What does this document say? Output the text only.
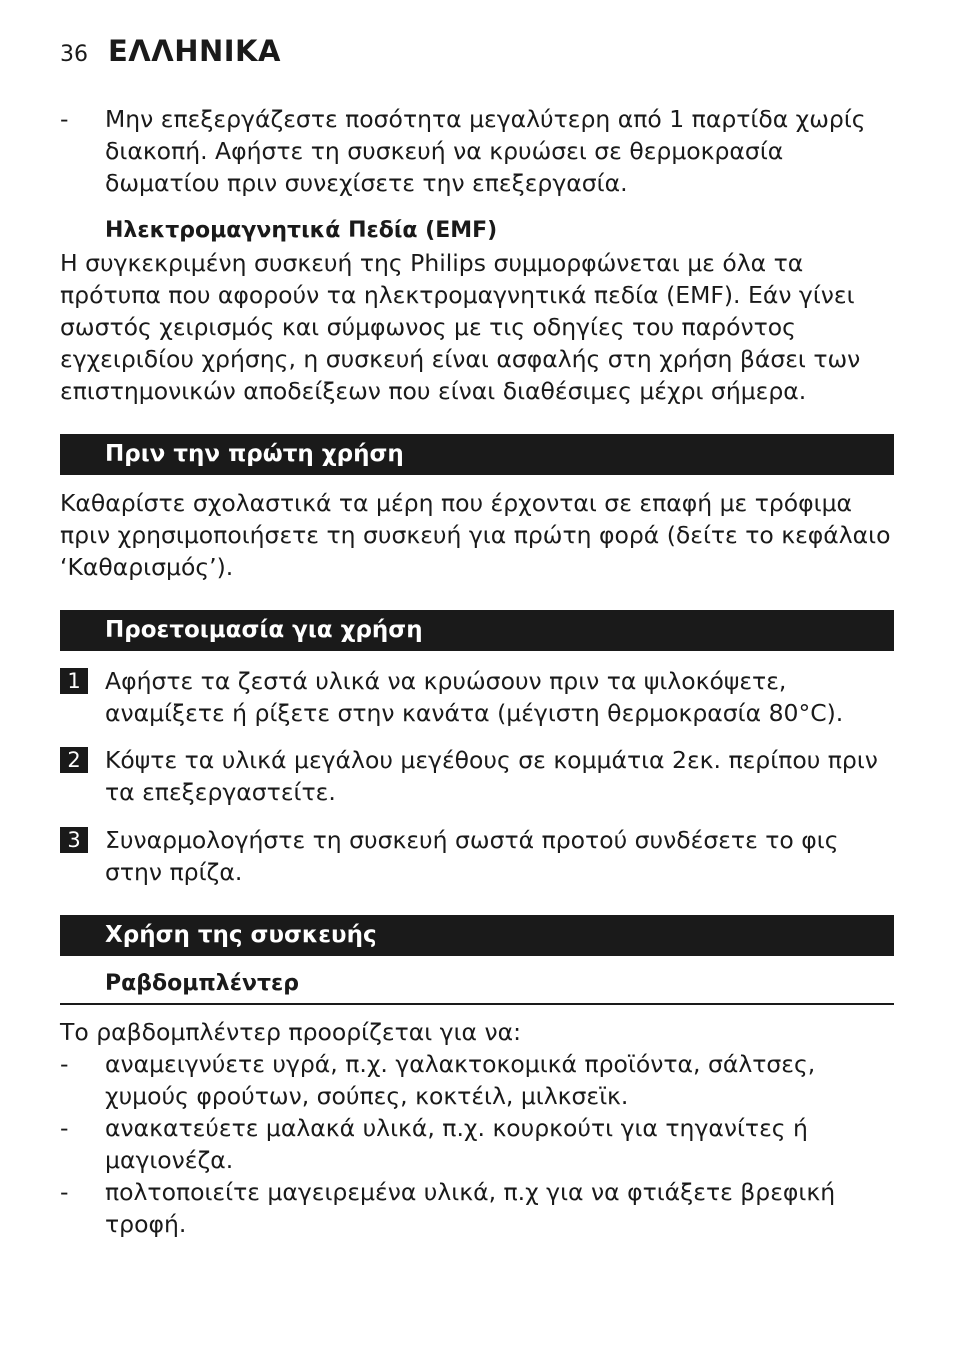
36 ΕΛΛΗΝΙΚΑ
-	Μην επεξεργάζεστε ποσότητα μεγαλύτερη από 1 παρτίδα χωρίς διακοπή. Αφήστε τη συσκευή να κρυώσει σε θερμοκρασία δωματίου πριν συνεχίσετε την επεξεργασία.
Ηλεκτρομαγνητικά Πεδία (EMF)
Η συγκεκριμένη συσκευή της Philips συμμορφώνεται με όλα τα πρότυπα που αφορούν τα ηλεκτρομαγνητικά πεδία (EMF). Εάν γίνει σωστός χειρισμός και σύμφωνος με τις οδηγίες του παρόντος εγχειριδίου χρήσης, η συσκευή είναι ασφαλής στη χρήση βάσει των επιστημονικών αποδείξεων που είναι διαθέσιμες μέχρι σήμερα.
Πριν την πρώτη χρήση
Καθαρίστε σχολαστικά τα μέρη που έρχονται σε επαφή με τρόφιμα πριν χρησιμοποιήσετε τη συσκευή για πρώτη φορά (δείτε το κεφάλαιο ‘Καθαρισμός’).
Προετοιμασία για χρήση
1	Αφήστε τα ζεστά υλικά να κρυώσουν πριν τα ψιλοκόψετε, αναμίξετε ή ρίξετε στην κανάτα (μέγιστη θερμοκρασία 80°C).
2	Κόψτε τα υλικά μεγάλου μεγέθους σε κομμάτια 2εκ. περίπου πριν τα επεξεργαστείτε.
3	Συναρμολογήστε τη συσκευή σωστά προτού συνδέσετε το φις στην πρίζα.
Χρήση της συσκευής
Ραβδομπλέντερ
Το ραβδομπλέντερ προορίζεται για να:
-	αναμειγνύετε υγρά, π.χ. γαλακτοκομικά προϊόντα, σάλτσες, χυμούς φρούτων, σούπες, κοκτέιλ, μιλκσεϊκ.
-	ανακατεύετε μαλακά υλικά, π.χ. κουρκούτι για τηγανίτες ή μαγιονέζα.
-	πολτοποιείτε μαγειρεμένα υλικά, π.χ για να φτιάξετε βρεφική τροφή.
